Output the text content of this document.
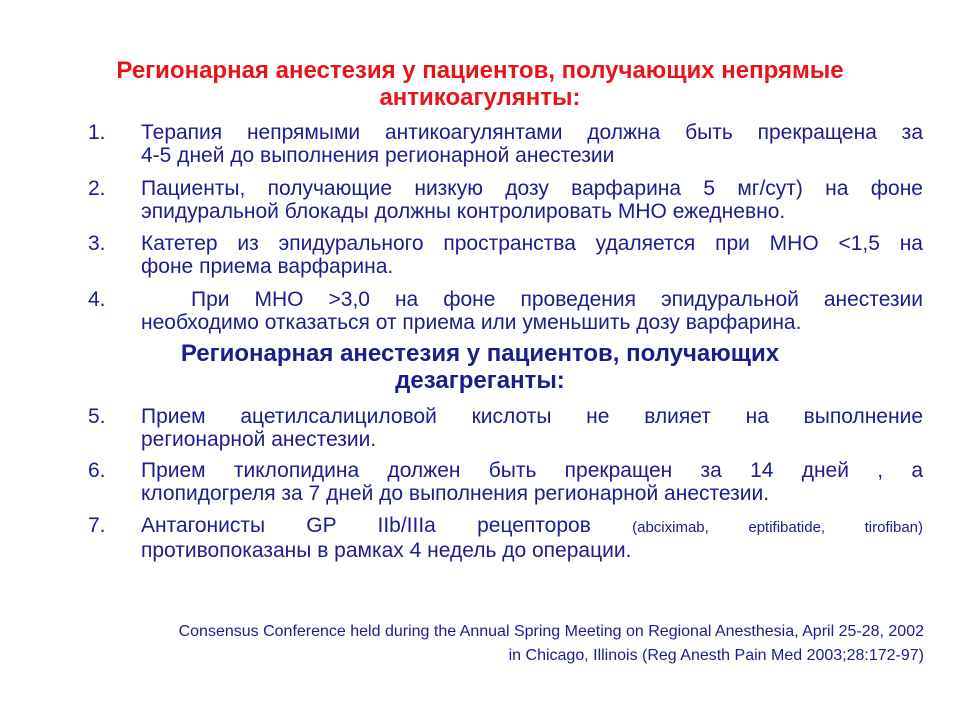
Регионарная анестезия у пациентов, получающих непрямые
антикоагулянты:
1.	Терапия непрямыми антикоагулянтами должна быть прекращена за
4-5 дней до выполнения регионарной анестезии
2.	Пациенты, получающие низкую дозу варфарина 5 мг/сут) на фоне
эпидуральной блокады должны контролировать МНО ежедневно.
3.	Катетер из эпидурального пространства удаляется при МНО <1,5 на
фоне приема варфарина.
4.	При МНО >3,0 на фоне проведения эпидуральной анестезии
необходимо отказаться от приема или уменьшить дозу варфарина.
Регионарная анестезия у пациентов, получающих
дезагреганты:
5.	Прием ацетилсалициловой кислоты не влияет на выполнение
регионарной анестезии.
6.	Прием тиклопидина должен быть прекращен за 14 дней , а
клопидогреля за 7 дней до выполнения регионарной анестезии.
7.	Антагонисты GP IIb/IIIa рецепторов	(abciximab, eptifibatide, tirofiban)
противопоказаны в рамках 4 недель до операции.
Consensus Conference held during the Annual Spring Meeting on Regional Anesthesia, April 25-28, 2002
in Chicago, Illinois (Reg Anesth Pain Med 2003;28:172-97)
